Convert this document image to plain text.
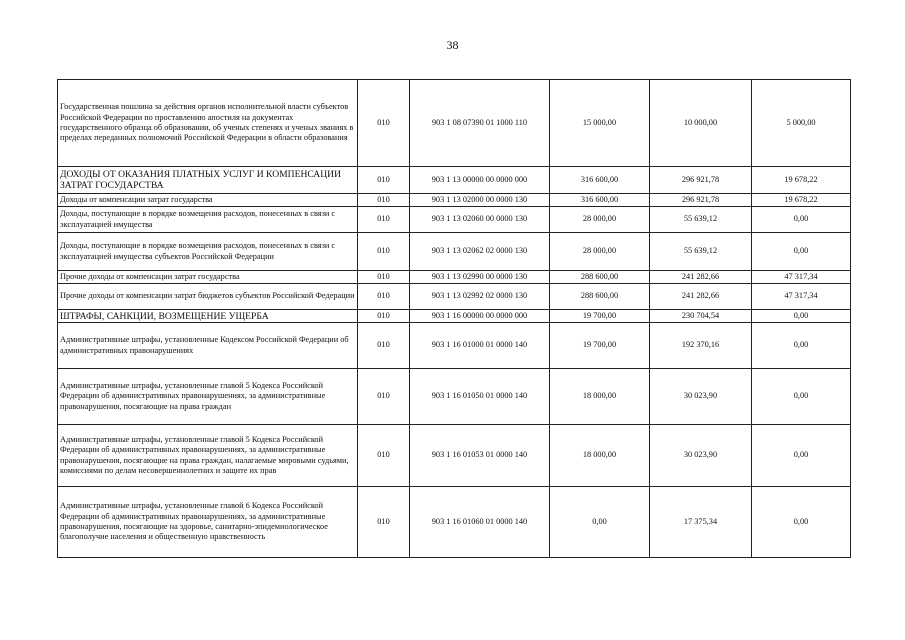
38
Государственная пошлина за действия органов исполнительной власти субъектов Российской Федерации по проставлению апостиля на документах государственного образца об образовании, об ученых степенях и ученых званиях в пределах переданных полномочий Российской Федерации в области образования	010	903 1 08 07390 01 1000 110	15 000,00	10 000,00	5 000,00
ДОХОДЫ ОТ ОКАЗАНИЯ ПЛАТНЫХ УСЛУГ И КОМПЕНСАЦИИ ЗАТРАТ ГОСУДАРСТВА	010	903 1 13 00000 00 0000 000	316 600,00	296 921,78	19 678,22
Доходы от компенсации затрат государства	010	903 1 13 02000 00 0000 130	316 600,00	296 921,78	19 678,22
Доходы, поступающие в порядке возмещения расходов, понесенных в связи с эксплуатацией имущества	010	903 1 13 02060 00 0000 130	28 000,00	55 639,12	0,00
Доходы, поступающие в порядке возмещения расходов, понесенных в связи с эксплуатацией имущества субъектов Российской Федерации	010	903 1 13 02062 02 0000 130	28 000,00	55 639,12	0,00
Прочие доходы от компенсации затрат государства	010	903 1 13 02990 00 0000 130	288 600,00	241 282,66	47 317,34
Прочие доходы от компенсации затрат бюджетов субъектов Российской Федерации	010	903 1 13 02992 02 0000 130	288 600,00	241 282,66	47 317,34
ШТРАФЫ, САНКЦИИ, ВОЗМЕЩЕНИЕ УЩЕРБА	010	903 1 16 00000 00 0000 000	19 700,00	230 704,54	0,00
Административные штрафы, установленные Кодексом Российской Федерации об административных правонарушениях	010	903 1 16 01000 01 0000 140	19 700,00	192 370,16	0,00
Административные штрафы, установленные главой 5 Кодекса Российской Федерации об административных правонарушениях, за административные правонарушения, посягающие на права граждан	010	903 1 16 01050 01 0000 140	18 000,00	30 023,90	0,00
Административные штрафы, установленные главой 5 Кодекса Российской Федерации об административных правонарушениях, за административные правонарушения, посягающие на права граждан, налагаемые мировыми судьями, комиссиями по делам несовершеннолетних и защите их прав	010	903 1 16 01053 01 0000 140	18 000,00	30 023,90	0,00
Административные штрафы, установленные главой 6 Кодекса Российской Федерации об административных правонарушениях, за административные правонарушения, посягающие на здоровье, санитарно-эпидемиологическое благополучие населения и общественную нравственность	010	903 1 16 01060 01 0000 140	0,00	17 375,34	0,00
